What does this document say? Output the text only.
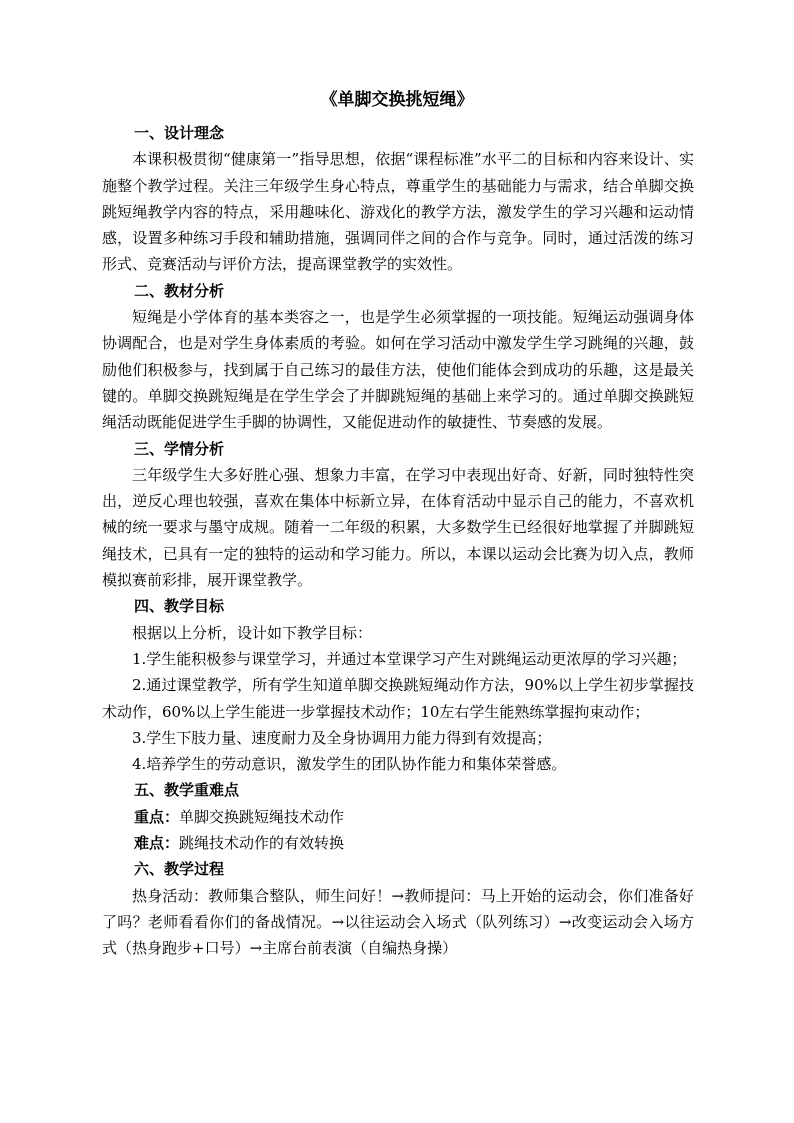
《单脚交换挑短绳》

一、设计理念

本课积极贯彻“健康第一”指导思想，依据“课程标准”水平二的目标和内容来设计、实施整个教学过程。关注三年级学生身心特点，尊重学生的基础能力与需求，结合单脚交换跳短绳教学内容的特点，采用趣味化、游戏化的教学方法，激发学生的学习兴趣和运动情感，设置多种练习手段和辅助措施，强调同伴之间的合作与竞争。同时，通过活泼的练习形式、竞赛活动与评价方法，提高课堂教学的实效性。

二、教材分析

短绳是小学体育的基本类容之一，也是学生必须掌握的一项技能。短绳运动强调身体协调配合，也是对学生身体素质的考验。如何在学习活动中激发学生学习跳绳的兴趣，鼓励他们积极参与，找到属于自己练习的最佳方法，使他们能体会到成功的乐趣，这是最关键的。单脚交换跳短绳是在学生学会了并脚跳短绳的基础上来学习的。通过单脚交换跳短绳活动既能促进学生手脚的协调性，又能促进动作的敏捷性、节奏感的发展。

三、学情分析

三年级学生大多好胜心强、想象力丰富，在学习中表现出好奇、好新，同时独特性突出，逆反心理也较强，喜欢在集体中标新立异，在体育活动中显示自己的能力，不喜欢机械的统一要求与墨守成规。随着一二年级的积累，大多数学生已经很好地掌握了并脚跳短绳技术，已具有一定的独特的运动和学习能力。所以，本课以运动会比赛为切入点，教师模拟赛前彩排，展开课堂教学。

四、教学目标

根据以上分析，设计如下教学目标：

1.学生能积极参与课堂学习，并通过本堂课学习产生对跳绳运动更浓厚的学习兴趣；

2.通过课堂教学，所有学生知道单脚交换跳短绳动作方法，90%以上学生初步掌握技术动作，60%以上学生能进一步掌握技术动作；10左右学生能熟练掌握拘束动作；

3.学生下肢力量、速度耐力及全身协调用力能力得到有效提高；

4.培养学生的劳动意识，激发学生的团队协作能力和集体荣誉感。

五、教学重难点

重点：单脚交换跳短绳技术动作

难点：跳绳技术动作的有效转换

六、教学过程

热身活动：教师集合整队，师生问好！→教师提问：马上开始的运动会，你们准备好了吗？老师看看你们的备战情况。→以往运动会入场式（队列练习）→改变运动会入场方式（热身跑步+口号）→主席台前表演（自编热身操）
